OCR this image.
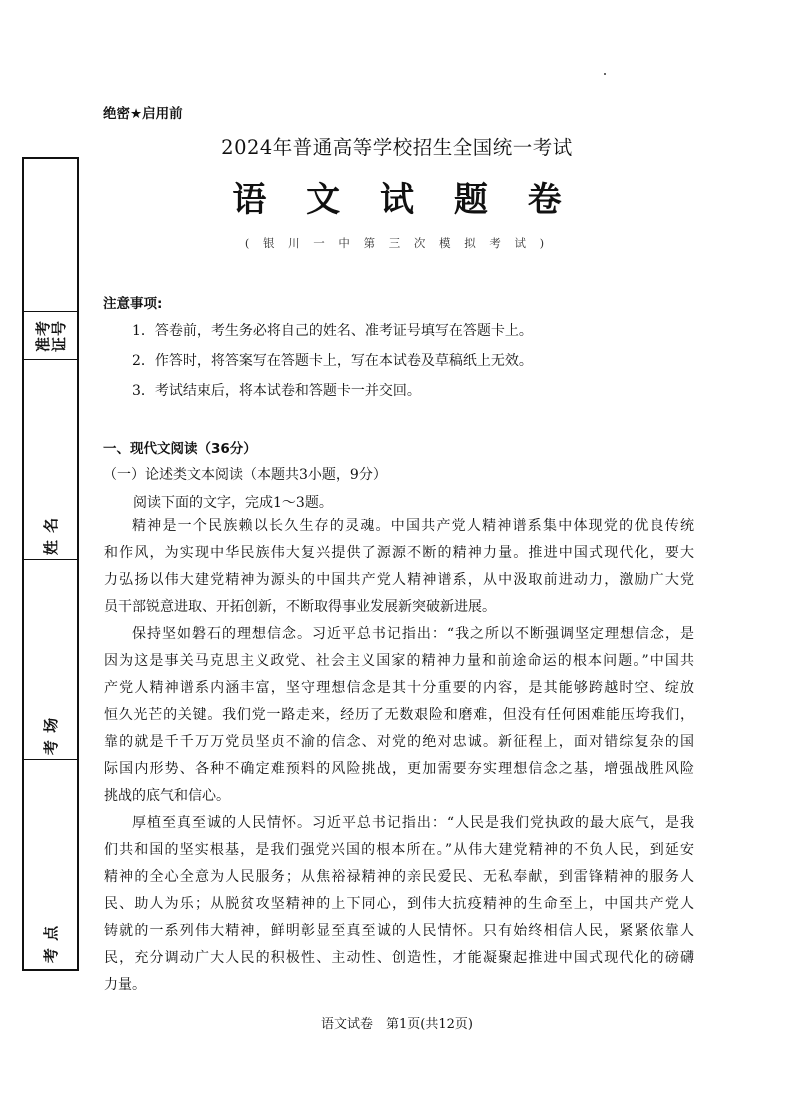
准考
证号
姓 名
考 场
考 点
绝密★启用前
2024年普通高等学校招生全国统一考试
语 文 试 题 卷
( 银 川 一 中 第 三 次 模 拟 考 试 )
注意事项:
1．答卷前，考生务必将自己的姓名、准考证号填写在答题卡上。
2．作答时，将答案写在答题卡上，写在本试卷及草稿纸上无效。
3．考试结束后，将本试卷和答题卡一并交回。
一、现代文阅读（36分）
（一）论述类文本阅读（本题共3小题，9分）
阅读下面的文字，完成1～3题。
精神是一个民族赖以长久生存的灵魂。中国共产党人精神谱系集中体现党的优良传统
和作风，为实现中华民族伟大复兴提供了源源不断的精神力量。推进中国式现代化，要大
力弘扬以伟大建党精神为源头的中国共产党人精神谱系，从中汲取前进动力，激励广大党
员干部锐意进取、开拓创新，不断取得事业发展新突破新进展。
保持坚如磐石的理想信念。习近平总书记指出：“我之所以不断强调坚定理想信念，是
因为这是事关马克思主义政党、社会主义国家的精神力量和前途命运的根本问题。”中国共
产党人精神谱系内涵丰富，坚守理想信念是其十分重要的内容，是其能够跨越时空、绽放
恒久光芒的关键。我们党一路走来，经历了无数艰险和磨难，但没有任何困难能压垮我们，
靠的就是千千万万党员坚贞不渝的信念、对党的绝对忠诚。新征程上，面对错综复杂的国
际国内形势、各种不确定难预料的风险挑战，更加需要夯实理想信念之基，增强战胜风险
挑战的底气和信心。
厚植至真至诚的人民情怀。习近平总书记指出：“人民是我们党执政的最大底气，是我
们共和国的坚实根基，是我们强党兴国的根本所在。”从伟大建党精神的不负人民，到延安
精神的全心全意为人民服务；从焦裕禄精神的亲民爱民、无私奉献，到雷锋精神的服务人
民、助人为乐；从脱贫攻坚精神的上下同心，到伟大抗疫精神的生命至上，中国共产党人
铸就的一系列伟大精神，鲜明彰显至真至诚的人民情怀。只有始终相信人民，紧紧依靠人
民，充分调动广大人民的积极性、主动性、创造性，才能凝聚起推进中国式现代化的磅礴
力量。
语文试卷　第1页(共12页)
